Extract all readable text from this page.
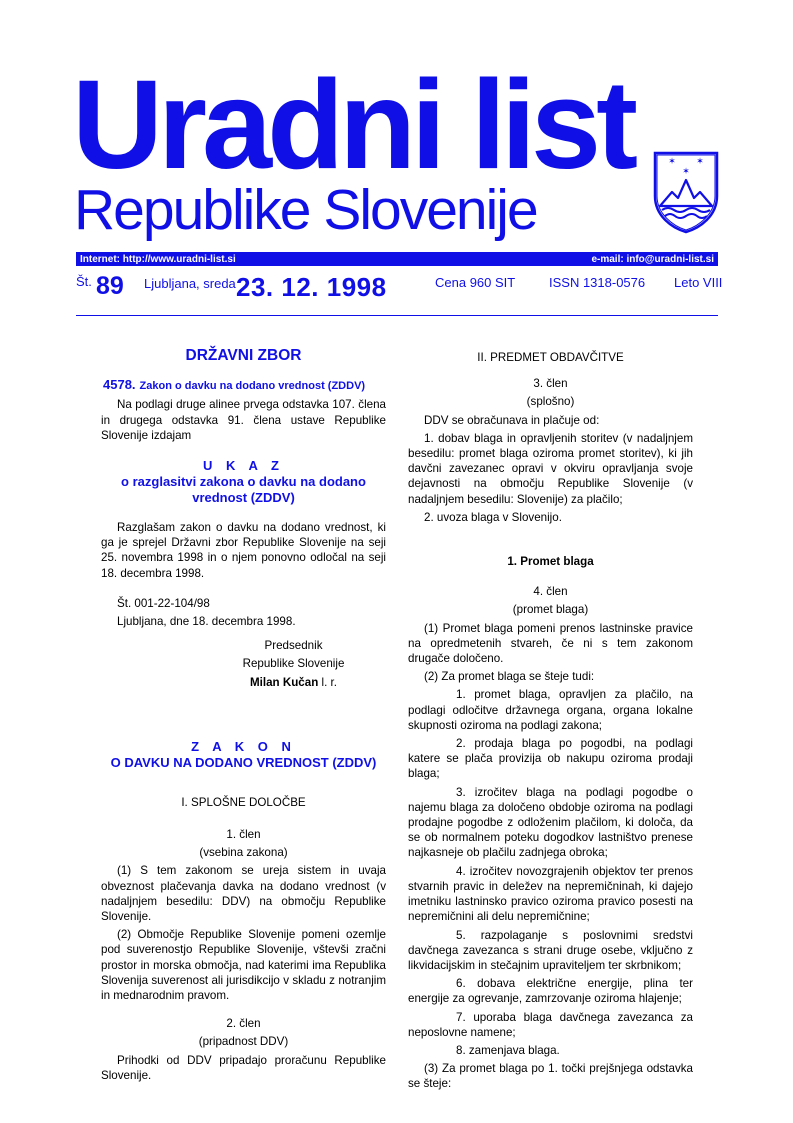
Uradni list
Republike Slovenije
✶ ✶
✶
Internet: http://www.uradni-list.si	e-mail: info@uradni-list.si
Št. 89 Ljubljana, sreda 23. 12. 1998	Cena 960 SIT	ISSN 1318-0576 Leto VIII
DRŽAVNI ZBOR

4578. Zakon o davku na dodano vrednost (ZDDV)

Na podlagi druge alinee prvega odstavka 107. člena in drugega odstavka 91. člena ustave Republike Slovenije izdajam

U K A Z
o razglasitvi zakona o davku na dodano vrednost (ZDDV)

Razglašam zakon o davku na dodano vrednost, ki ga je sprejel Državni zbor Republike Slovenije na seji 25. novembra 1998 in o njem ponovno odločal na seji 18. decembra 1998.

Št. 001-22-104/98

Ljubljana, dne 18. decembra 1998.

Predsednik

Republike Slovenije

Milan Kučan l. r.

Z A K O N
O DAVKU NA DODANO VREDNOST (ZDDV)

I. SPLOŠNE DOLOČBE

1. člen

(vsebina zakona)

(1) S tem zakonom se ureja sistem in uvaja obveznost plačevanja davka na dodano vrednost (v nadaljnjem besedilu: DDV) na območju Republike Slovenije.

(2) Območje Republike Slovenije pomeni ozemlje pod suverenostjo Republike Slovenije, vštevši zračni prostor in morska območja, nad katerimi ima Republika Slovenija suverenost ali jurisdikcijo v skladu z notranjim in mednarodnim pravom.

2. člen

(pripadnost DDV)

Prihodki od DDV pripadajo proračunu Republike Slovenije.

II. PREDMET OBDAVČITVE

3. člen

(splošno)

DDV se obračunava in plačuje od:

1. dobav blaga in opravljenih storitev (v nadaljnjem besedilu: promet blaga oziroma promet storitev), ki jih davčni zavezanec opravi v okviru opravljanja svoje dejavnosti na območju Republike Slovenije (v nadaljnjem besedilu: Slovenije) za plačilo;

2. uvoza blaga v Slovenijo.

1. Promet blaga

4. člen

(promet blaga)

(1) Promet blaga pomeni prenos lastninske pravice na opredmetenih stvareh, če ni s tem zakonom drugače določeno.

(2) Za promet blaga se šteje tudi:

1. promet blaga, opravljen za plačilo, na podlagi odločitve državnega organa, organa lokalne skupnosti oziroma na podlagi zakona;

2. prodaja blaga po pogodbi, na podlagi katere se plača provizija ob nakupu oziroma prodaji blaga;

3. izročitev blaga na podlagi pogodbe o najemu blaga za določeno obdobje oziroma na podlagi prodajne pogodbe z odloženim plačilom, ki določa, da se ob normalnem poteku dogodkov lastništvo prenese najkasneje ob plačilu zadnjega obroka;

4. izročitev novozgrajenih objektov ter prenos stvarnih pravic in deležev na nepremičninah, ki dajejo imetniku lastninsko pravico oziroma pravico posesti na nepremičnini ali delu nepremičnine;

5. razpolaganje s poslovnimi sredstvi davčnega zavezanca s strani druge osebe, vključno z likvidacijskim in stečajnim upraviteljem ter skrbnikom;

6. dobava električne energije, plina ter energije za ogrevanje, zamrzovanje oziroma hlajenje;

7. uporaba blaga davčnega zavezanca za neposlovne namene;

8. zamenjava blaga.

(3) Za promet blaga po 1. točki prejšnjega odstavka se šteje:
